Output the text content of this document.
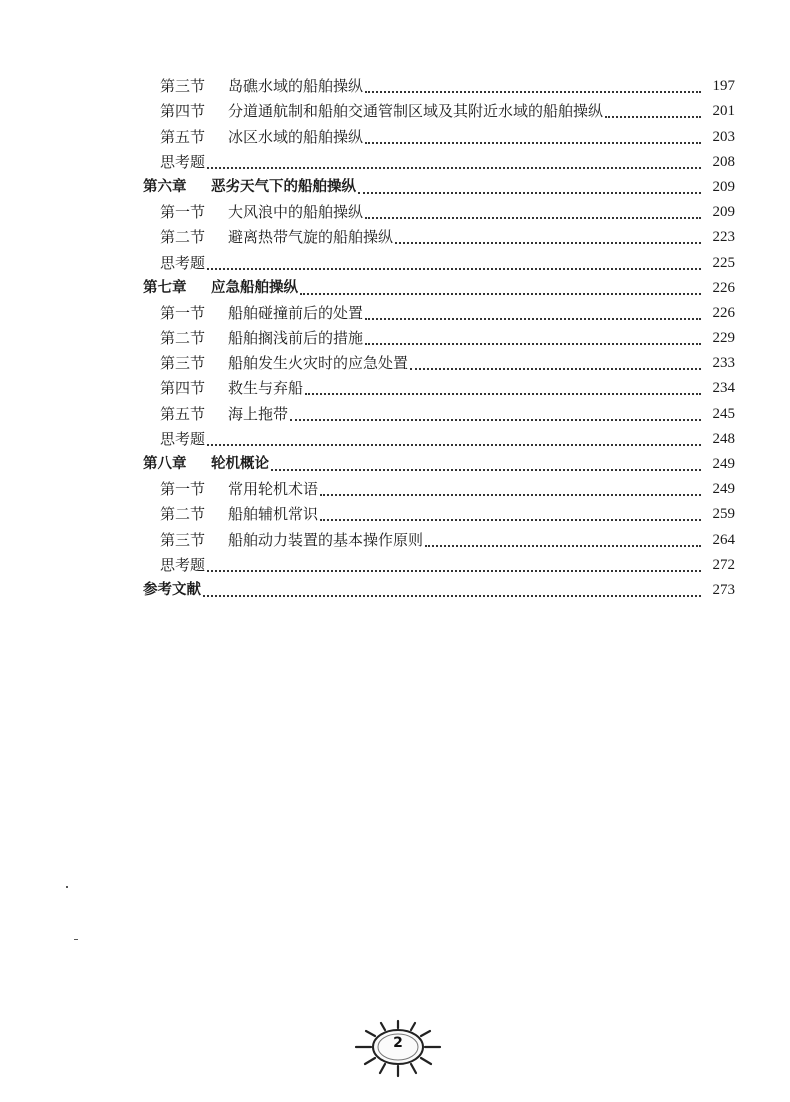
第三节	岛礁水域的船舶操纵	197
第四节	分道通航制和船舶交通管制区域及其附近水域的船舶操纵	201
第五节	冰区水域的船舶操纵	203
思考题	208
第六章	恶劣天气下的船舶操纵	209
第一节	大风浪中的船舶操纵	209
第二节	避离热带气旋的船舶操纵	223
思考题	225
第七章	应急船舶操纵	226
第一节	船舶碰撞前后的处置	226
第二节	船舶搁浅前后的措施	229
第三节	船舶发生火灾时的应急处置	233
第四节	救生与弃船	234
第五节	海上拖带	245
思考题	248
第八章	轮机概论	249
第一节	常用轮机术语	249
第二节	船舶辅机常识	259
第三节	船舶动力装置的基本操作原则	264
思考题	272
参考文献	273
2
